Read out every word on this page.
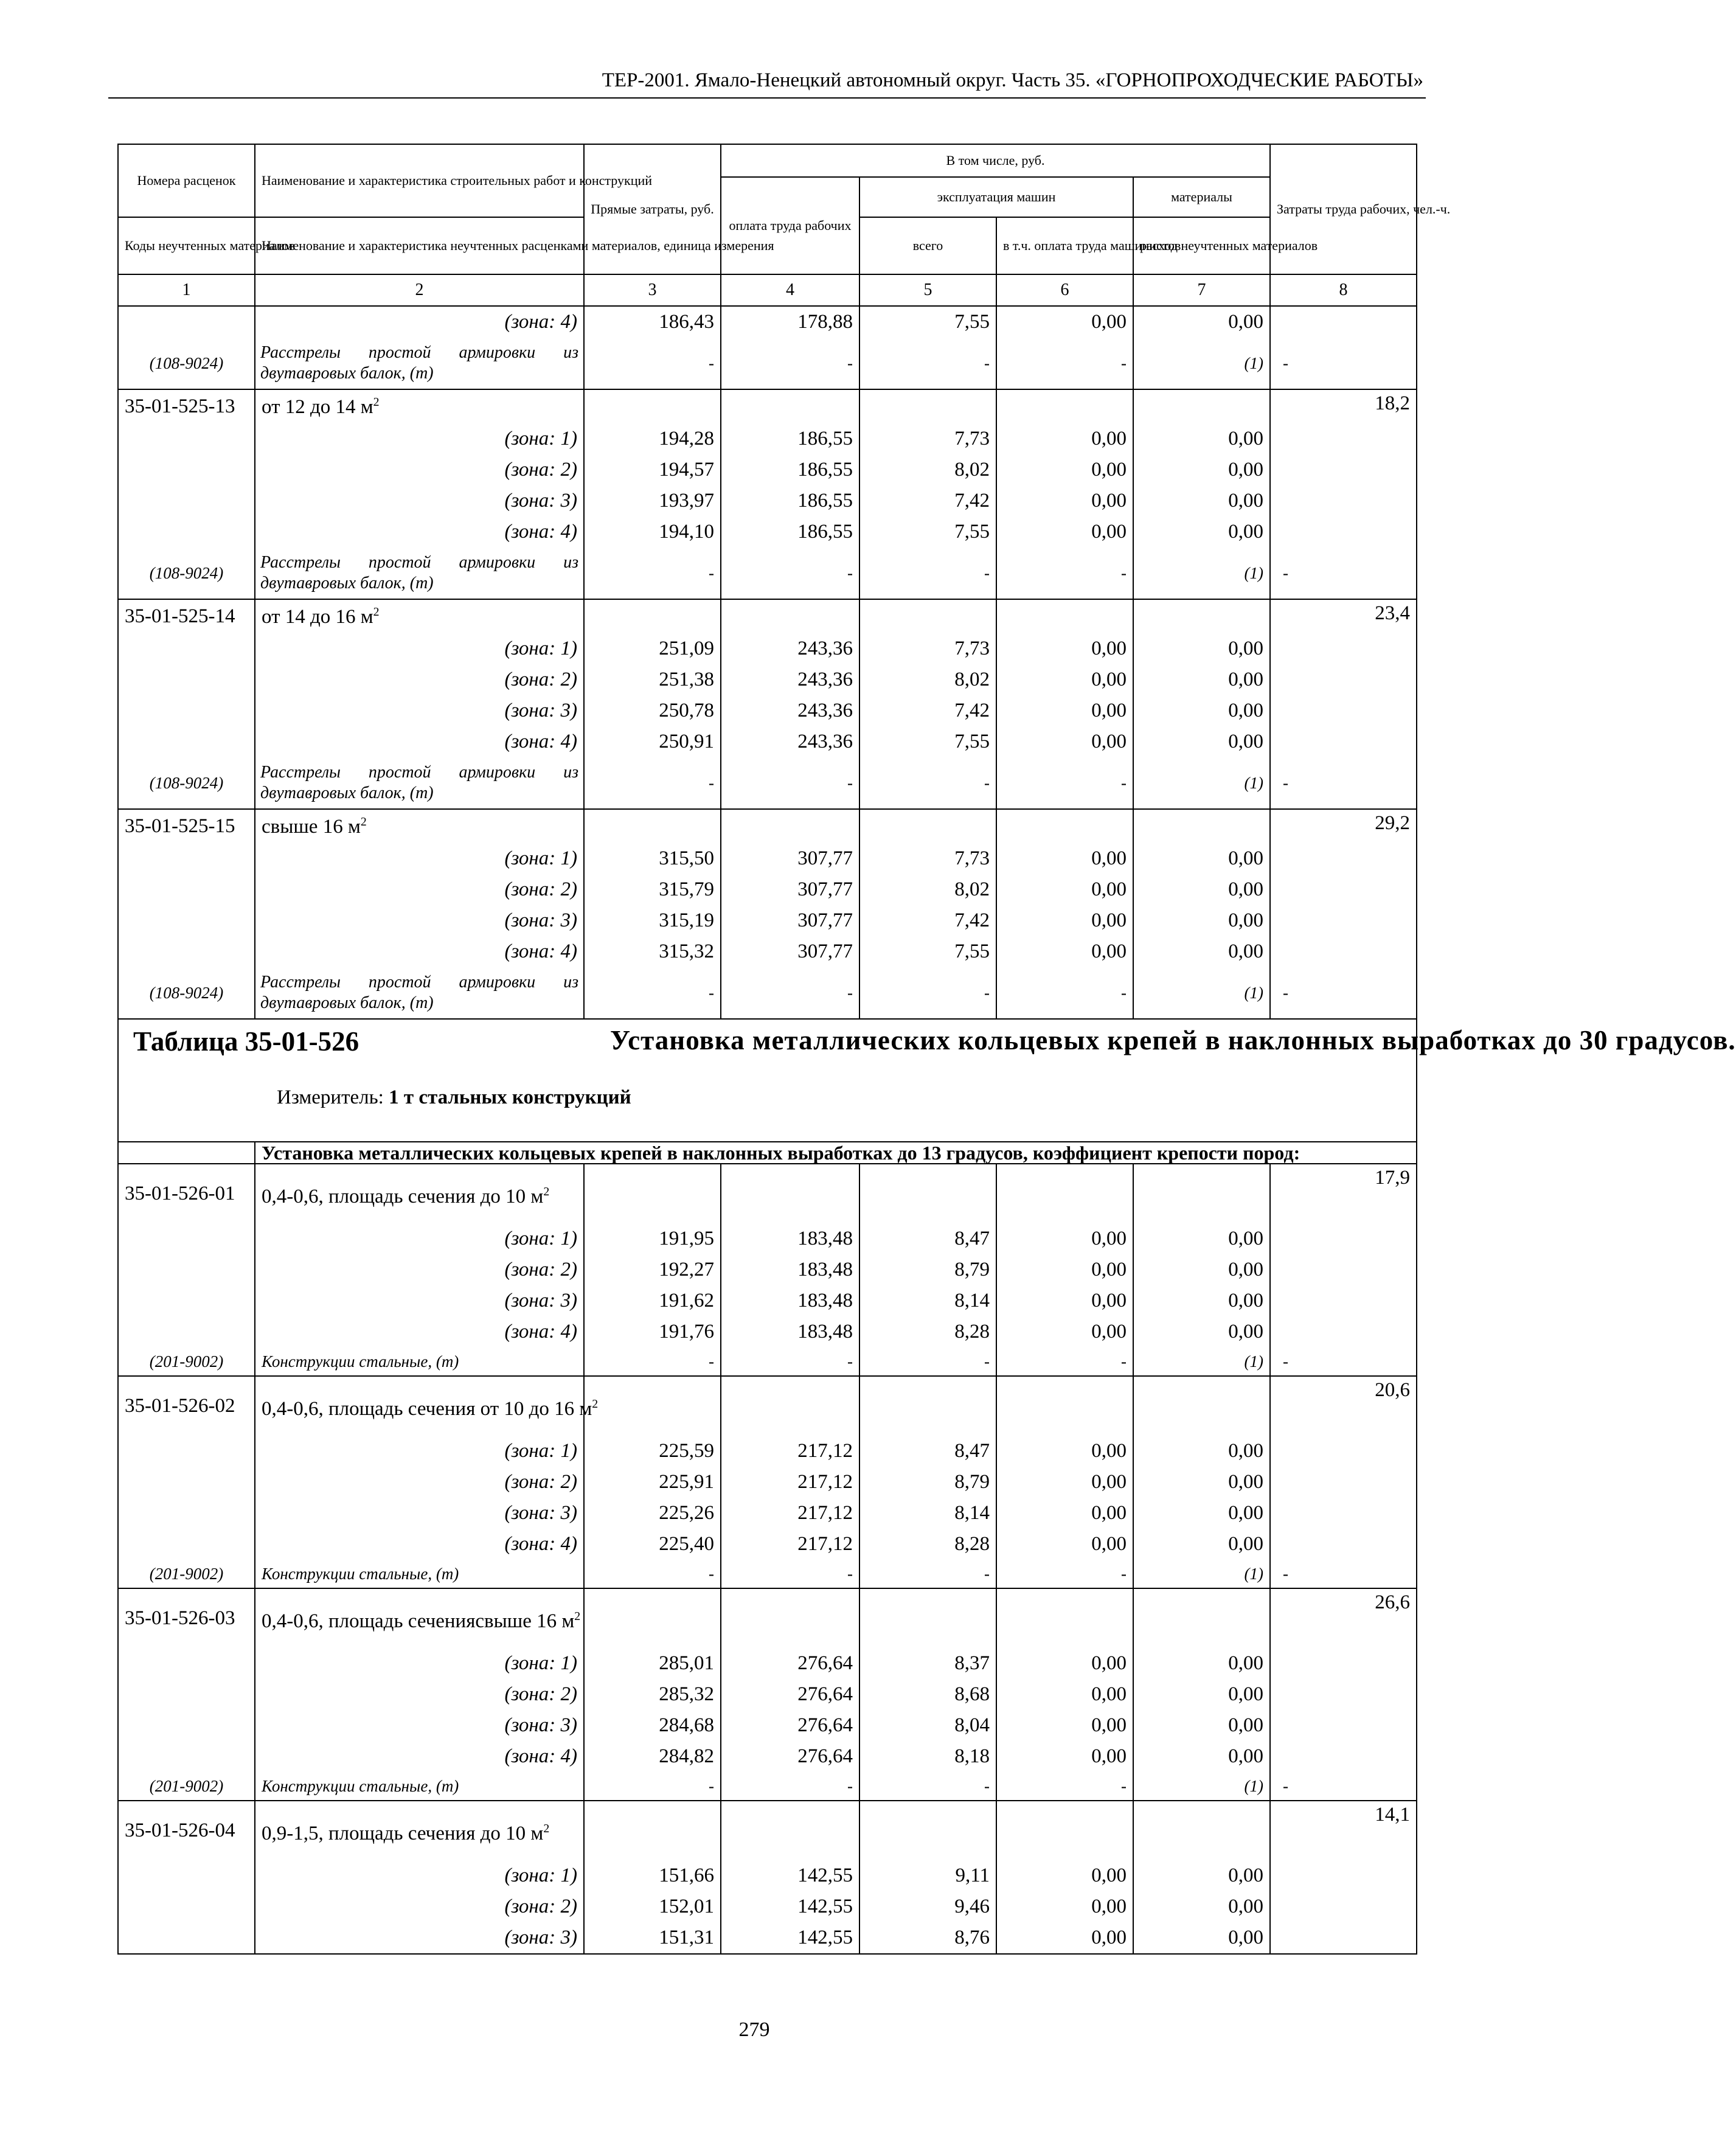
ТЕР-2001. Ямало-Ненецкий автономный округ. Часть 35. «ГОРНОПРОХОДЧЕСКИЕ РАБОТЫ»
Номера расценок	Наименование и характеристика строительных работ и конструкций	Прямые затраты, руб.	В том числе, руб.				Затраты труда рабочих, чел.-ч.
			оплата труда рабочих	эксплуатация машин		материалы	
Коды неучтенных материалов	Наименование и характеристика неучтенных расценками материалов, единица измерения			всего	в т.ч. оплата труда машинистов	расход неучтенных материалов	
1	2	3	4	5	6	7	8
	(зона: 4)	186,43	178,88	7,55	0,00	0,00	
(108-9024)	Расстрелы простой армировки из двутавровых балок, (т)	-	-	-	-	(1)	-
35-01-525-13	от 12 до 14 $м^2$						18,2
	(зона: 1)	194,28	186,55	7,73	0,00	0,00	
	(зона: 2)	194,57	186,55	8,02	0,00	0,00	
	(зона: 3)	193,97	186,55	7,42	0,00	0,00	
	(зона: 4)	194,10	186,55	7,55	0,00	0,00	
(108-9024)	Расстрелы простой армировки из двутавровых балок, (т)	-	-	-	-	(1)	-
35-01-525-14	от 14 до 16 $м^2$						23,4
	(зона: 1)	251,09	243,36	7,73	0,00	0,00	
	(зона: 2)	251,38	243,36	8,02	0,00	0,00	
	(зона: 3)	250,78	243,36	7,42	0,00	0,00	
	(зона: 4)	250,91	243,36	7,55	0,00	0,00	
(108-9024)	Расстрелы простой армировки из двутавровых балок, (т)	-	-	-	-	(1)	-
35-01-525-15	свыше 16 $м^2$						29,2
	(зона: 1)	315,50	307,77	7,73	0,00	0,00	
	(зона: 2)	315,79	307,77	8,02	0,00	0,00	
	(зона: 3)	315,19	307,77	7,42	0,00	0,00	
	(зона: 4)	315,32	307,77	7,55	0,00	0,00	
(108-9024)	Расстрелы простой армировки из двутавровых балок, (т)	-	-	-	-	(1)	-

Таблица 35-01-526 Установка металлических кольцевых крепей в наклонных выработках до 30 градусов.
Измеритель: 1 т стальных конструкций							

	Установка металлических кольцевых крепей в наклонных выработках до 13 градусов, коэффициент крепости пород:						
35-01-526-01	0,4-0,6, площадь сечения до 10 $м^2$						17,9
	(зона: 1)	191,95	183,48	8,47	0,00	0,00	
	(зона: 2)	192,27	183,48	8,79	0,00	0,00	
	(зона: 3)	191,62	183,48	8,14	0,00	0,00	
	(зона: 4)	191,76	183,48	8,28	0,00	0,00	
(201-9002)	Конструкции стальные, (т)	-	-	-	-	(1)	-
35-01-526-02	0,4-0,6, площадь сечения от 10 до 16 $м^2$						20,6
	(зона: 1)	225,59	217,12	8,47	0,00	0,00	
	(зона: 2)	225,91	217,12	8,79	0,00	0,00	
	(зона: 3)	225,26	217,12	8,14	0,00	0,00	
	(зона: 4)	225,40	217,12	8,28	0,00	0,00	
(201-9002)	Конструкции стальные, (т)	-	-	-	-	(1)	-
35-01-526-03	0,4-0,6, площадь сечениясвыше 16 $м^2$						26,6
	(зона: 1)	285,01	276,64	8,37	0,00	0,00	
	(зона: 2)	285,32	276,64	8,68	0,00	0,00	
	(зона: 3)	284,68	276,64	8,04	0,00	0,00	
	(зона: 4)	284,82	276,64	8,18	0,00	0,00	
(201-9002)	Конструкции стальные, (т)	-	-	-	-	(1)	-
35-01-526-04	0,9-1,5, площадь сечения до 10 $м^2$						14,1
	(зона: 1)	151,66	142,55	9,11	0,00	0,00	
	(зона: 2)	152,01	142,55	9,46	0,00	0,00	
	(зона: 3)	151,31	142,55	8,76	0,00	0,00	
279
